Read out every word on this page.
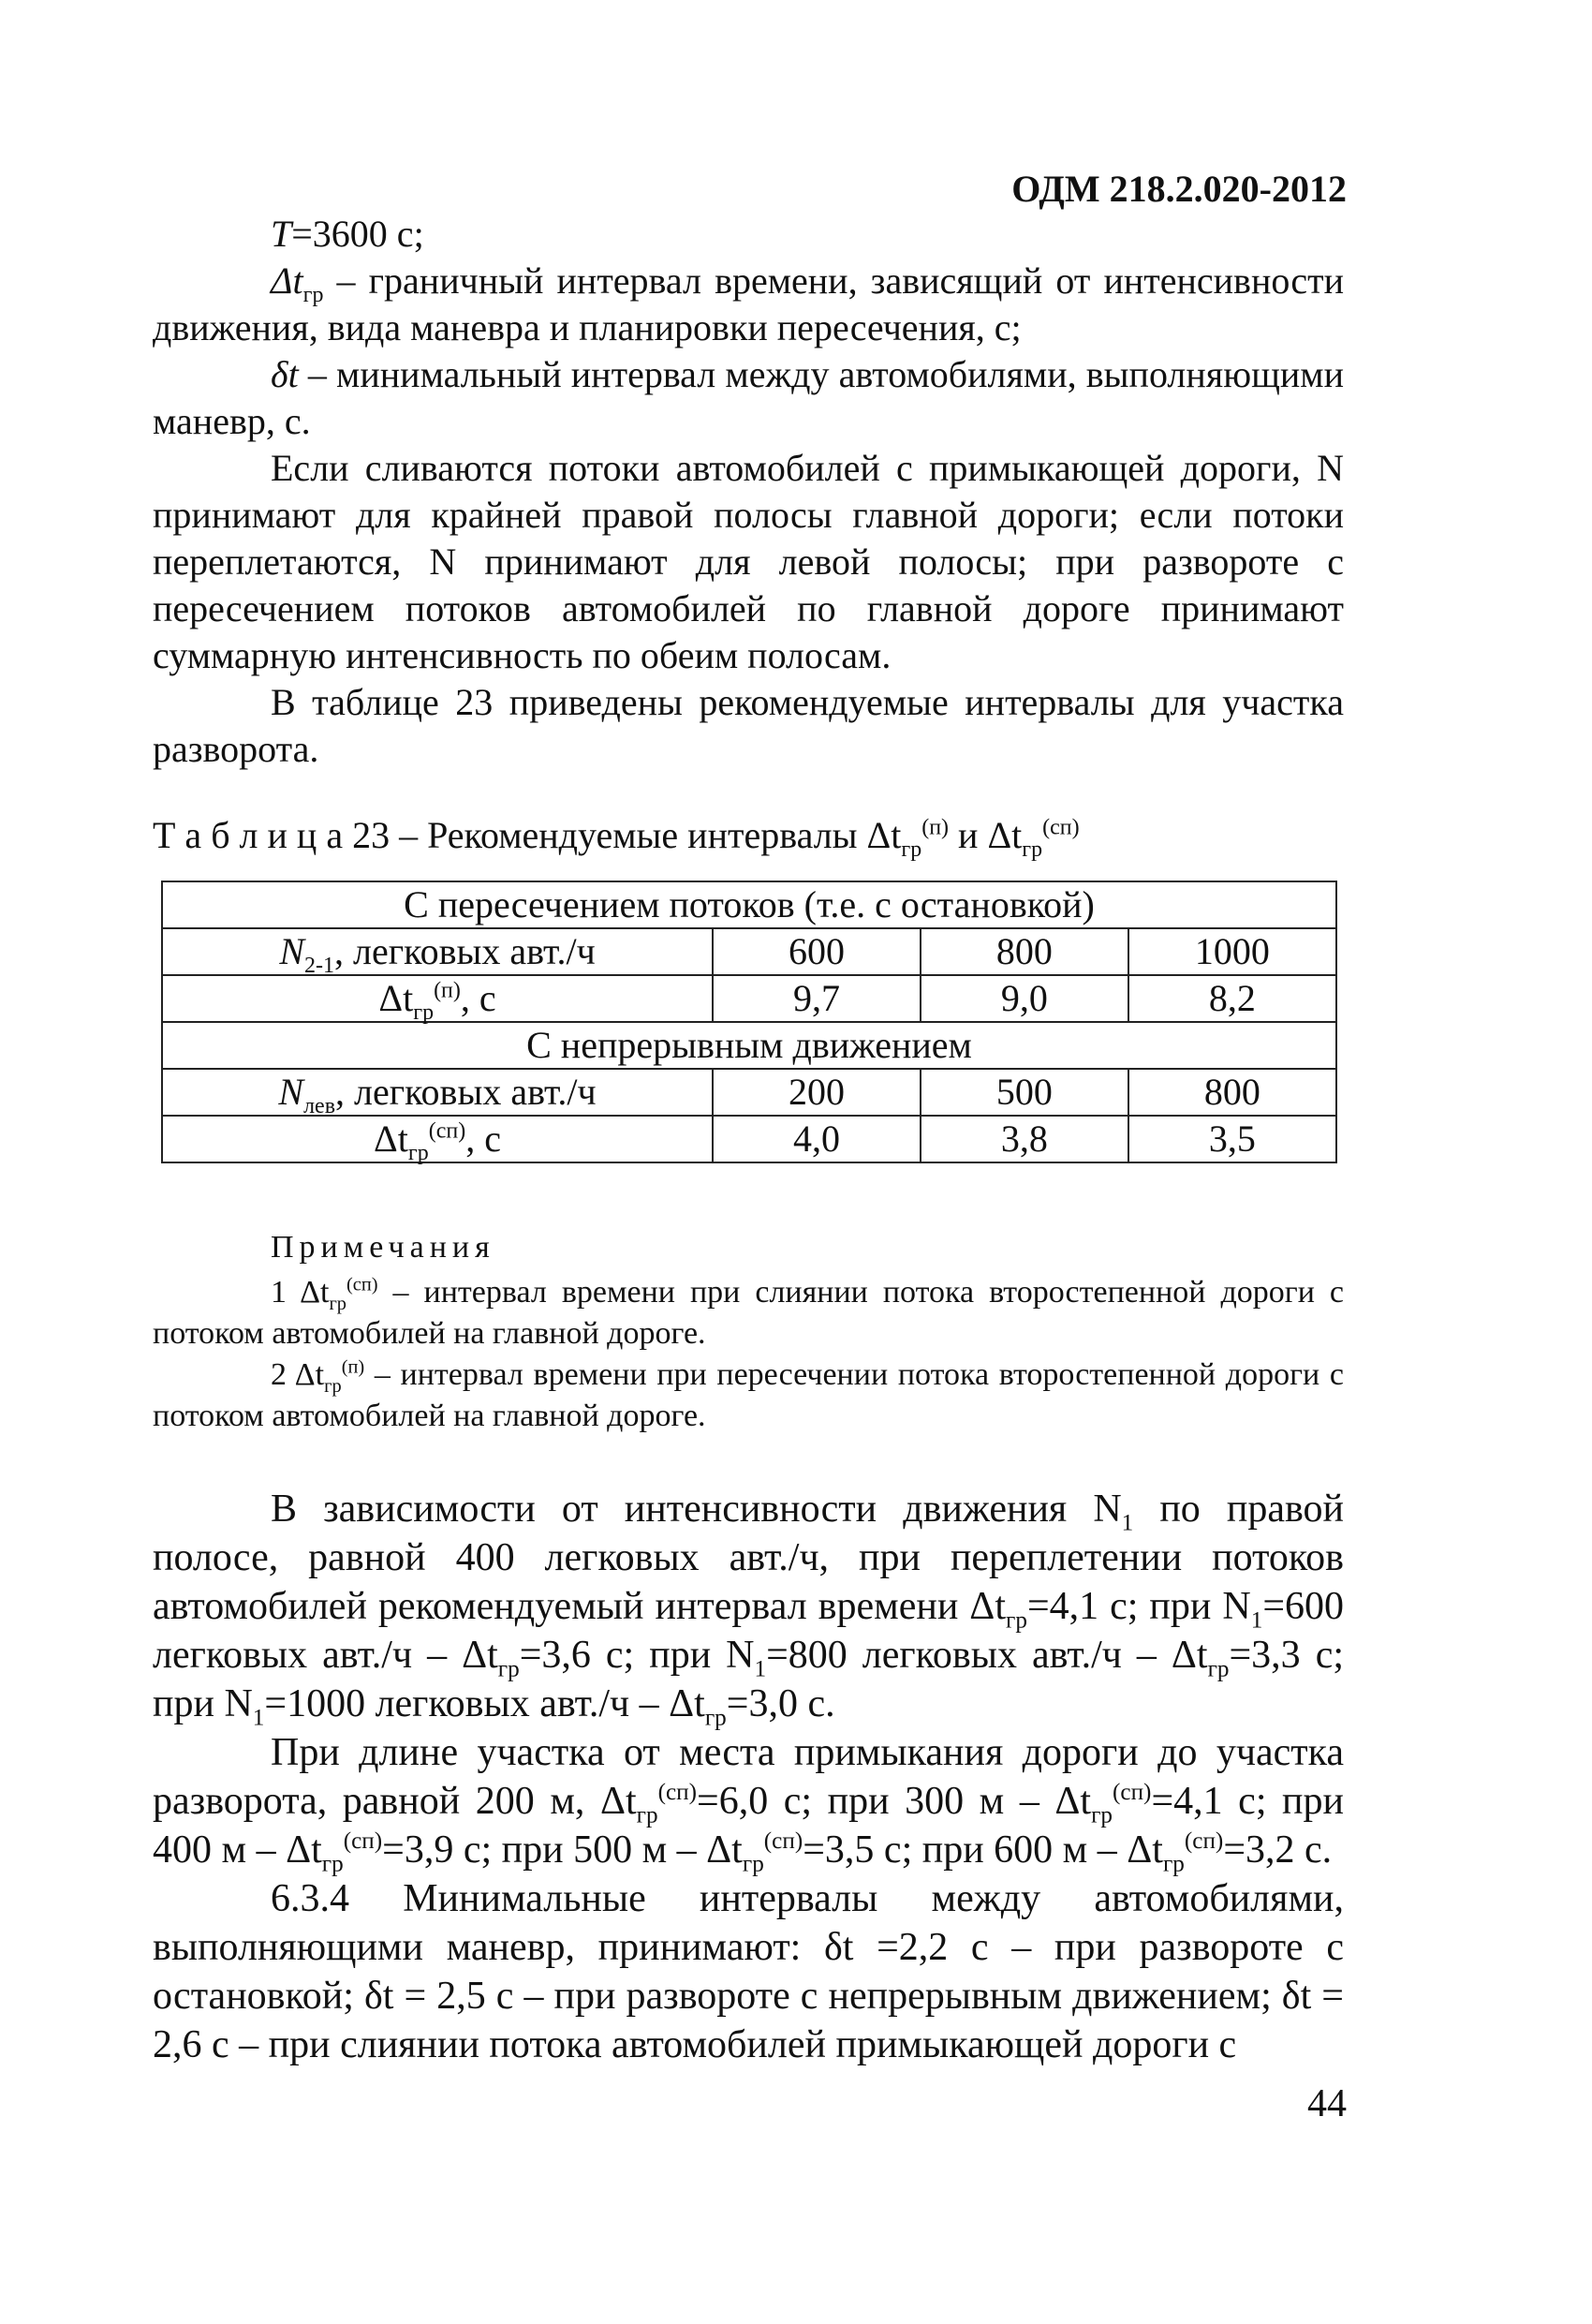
ОДМ 218.2.020-2012

T=3600 с;

$\Delta t_{гр}$ – граничный интервал времени, зависящий от интенсивности движения, вида маневра и планировки пересечения, с;

δt – минимальный интервал между автомобилями, выполняющими маневр, с.

Если сливаются потоки автомобилей с примыкающей дороги, N принимают для крайней правой полосы главной дороги; если потоки переплетаются, N принимают для левой полосы; при развороте с пересечением потоков автомобилей по главной дороге принимают суммарную интенсивность по обеим полосам.

В таблице 23 приведены рекомендуемые интервалы для участка разворота.

Т а б л и ц а 23 – Рекомендуемые интервалы $\Delta t_{гр}^{(п)}$ и $\Delta t_{гр}^{(сп)}$
С пересечением потоков (т.е. с остановкой)			
$N_{2-1}$, легковых авт./ч	600	800	1000
$\Delta t_{гр}^{(п)}$, с	9,7	9,0	8,2
С непрерывным движением			
$N_{лев}$, легковых авт./ч	200	500	800
$\Delta t_{гр}^{(сп)}$, с	4,0	3,8	3,5

Примечания

1 $\Delta t_{гр}^{(сп)}$ – интервал времени при слиянии потока второстепенной дороги с потоком автомобилей на главной дороге.

2 $\Delta t_{гр}^{(п)}$ – интервал времени при пересечении потока второстепенной дороги с потоком автомобилей на главной дороге.

В зависимости от интенсивности движения $N_1$ по правой полосе, равной 400 легковых авт./ч, при переплетении потоков автомобилей рекомендуемый интервал времени $\Delta t_{гр}=4,1$ с; при $N_1=600$ легковых $авт./ч - \Delta t_{гр}=3,6$ с; при $N_1=800$ легковых $авт./ч - \Delta t_{гр}=3,3$ с; при $N_1=1000$ легковых $авт./ч - \Delta t_{гр}=3,0$ с.

При длине участка от места примыкания дороги до участка разворота, равной 200 м, $\Delta t_{гр}^{(сп)}=6,0$ с; при 300 $м - \Delta t_{гр}^{(сп)}=4,1$ с; при 400 $м - \Delta t_{гр}^{(сп)}=3,9$ с; при 500 $м - \Delta t_{гр}^{(сп)}=3,5$ с; при 600 $м - \Delta t_{гр}^{(сп)}=3,2$ с.

6.3.4 Минимальные интервалы между автомобилями, выполняющими маневр, принимают: δt =2,2 с – при развороте с остановкой; δt = 2,5 с – при развороте с непрерывным движением; δt = 2,6 с – при слиянии потока автомобилей примыкающей дороги с

44
